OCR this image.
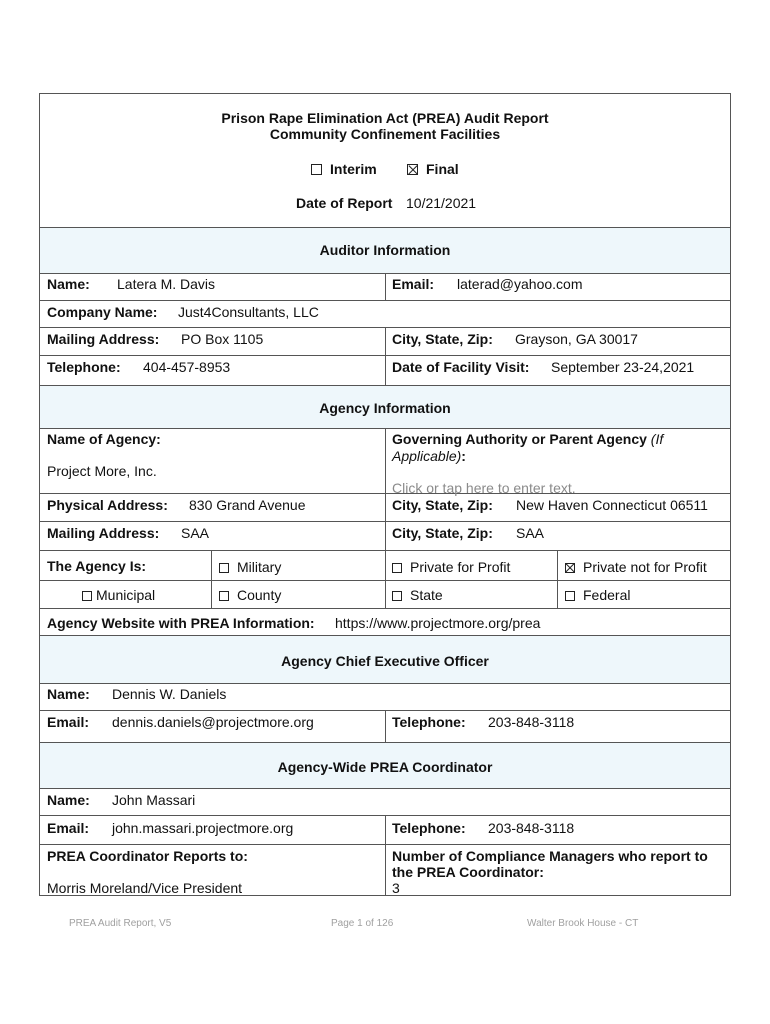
Prison Rape Elimination Act (PREA) Audit Report
Community Confinement Facilities
Interim	Final
Date of Report 10/21/2021
Auditor Information
Name: Latera M. Davis	Email: laterad@yahoo.com
Company Name: Just4Consultants, LLC
Mailing Address: PO Box 1105	City, State, Zip: Grayson, GA 30017
Telephone: 404-457-8953	Date of Facility Visit: September 23-24,2021
Agency Information
Name of Agency:
Project More, Inc.
Governing Authority or Parent Agency (If
Applicable):
Click or tap here to enter text.
Physical Address: 830 Grand Avenue	City, State, Zip: New Haven Connecticut 06511
Mailing Address: SAA	City, State, Zip: SAA
The Agency Is:	Military	Private for Profit	Private not for Profit
Municipal	County	State	Federal
Agency Website with PREA Information: https://www.projectmore.org/prea
Agency Chief Executive Officer
Name: Dennis W. Daniels
Email: dennis.daniels@projectmore.org	Telephone: 203-848-3118
Agency-Wide PREA Coordinator
Name: John Massari
Email: john.massari.projectmore.org	Telephone: 203-848-3118
PREA Coordinator Reports to:
Morris Moreland/Vice President
Number of Compliance Managers who report to
the PREA Coordinator:
3
PREA Audit Report, V5	Page 1 of 126	Walter Brook House - CT
